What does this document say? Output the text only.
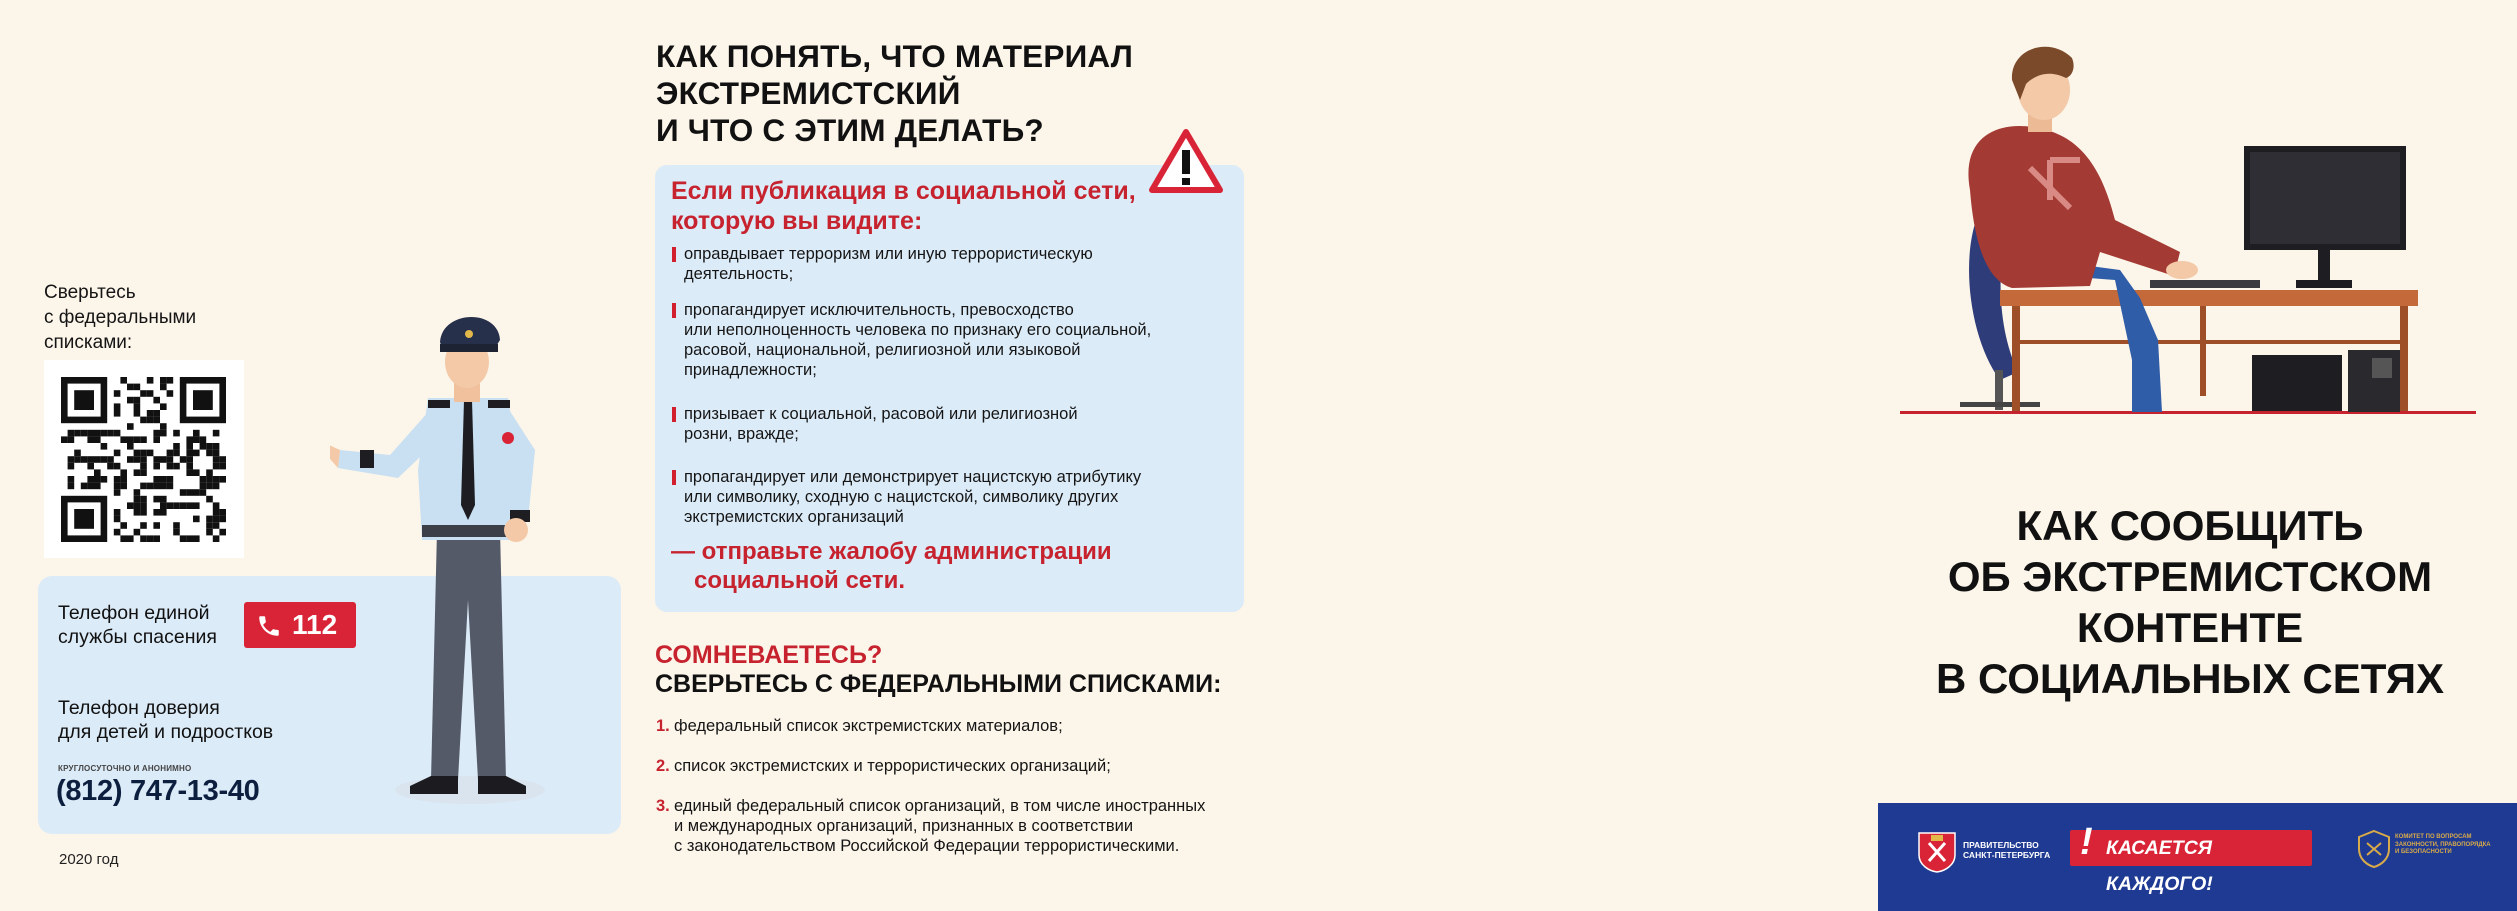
Сверьтесь
с федеральными
списками:
Телефон единой
службы спасения	112
Телефон доверия
для детей и подростков
КРУГЛОСУТОЧНО И АНОНИМНО
(812) 747-13-40
2020 год
КАК ПОНЯТЬ, ЧТО МАТЕРИАЛ
ЭКСТРЕМИСТСКИЙ
И ЧТО С ЭТИМ ДЕЛАТЬ?
Если публикация в социальной сети,
которую вы видите:
оправдывает терроризм или иную террористическую
деятельность;
пропагандирует исключительность, превосходство
или неполноценность человека по признаку его социальной,
расовой, национальной, религиозной или языковой
принадлежности;
призывает к социальной, расовой или религиозной
розни, вражде;
пропагандирует или демонстрирует нацистскую атрибутику
или символику, сходную с нацистской, символику других
экстремистских организаций
— отправьте жалобу администрации
социальной сети.
СОМНЕВАЕТЕСЬ?
СВЕРЬТЕСЬ С ФЕДЕРАЛЬНЫМИ СПИСКАМИ:
1. федеральный список экстремистских материалов;
2. список экстремистских и террористических организаций;
3. единый федеральный список организаций, в том числе иностранных
и международных организаций, признанных в соответствии
с законодательством Российской Федерации террористическими.
КАК СООБЩИТЬ
ОБ ЭКСТРЕМИСТСКОМ
КОНТЕНТЕ
В СОЦИАЛЬНЫХ СЕТЯХ
ПРАВИТЕЛЬСТВО
САНКТ-ПЕТЕРБУРГА ! КАСАЕТСЯ КАЖДОГО!
КОМИТЕТ ПО ВОПРОСАМ
ЗАКОННОСТИ, ПРАВОПОРЯДКА
И БЕЗОПАСНОСТИ
